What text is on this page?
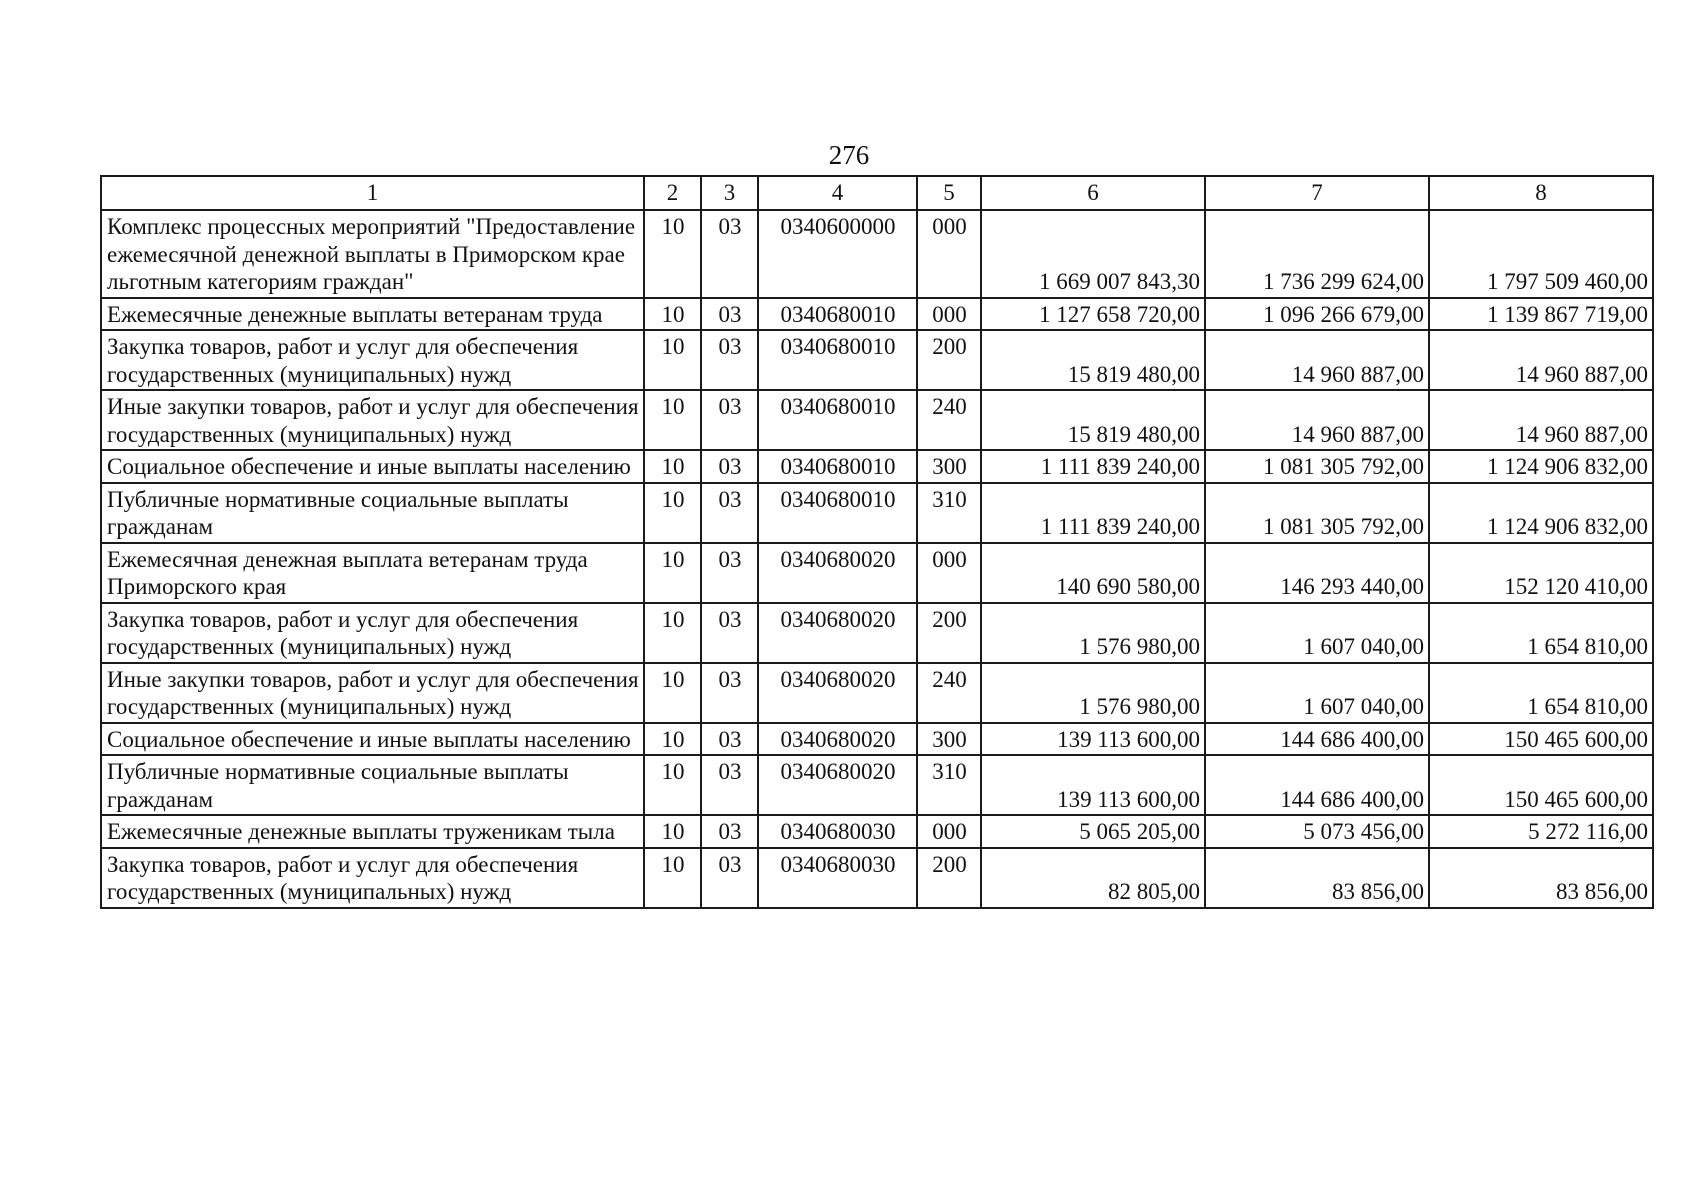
276
1	2	3	4	5	6	7	8
Комплекс процессных мероприятий "Предоставление ежемесячной денежной выплаты в Приморском крае льготным категориям граждан"	10	03	0340600000	000	1 669 007 843,30	1 736 299 624,00	1 797 509 460,00
Ежемесячные денежные выплаты ветеранам труда	10	03	0340680010	000	1 127 658 720,00	1 096 266 679,00	1 139 867 719,00
Закупка товаров, работ и услуг для обеспечения государственных (муниципальных) нужд	10	03	0340680010	200	15 819 480,00	14 960 887,00	14 960 887,00
Иные закупки товаров, работ и услуг для обеспечения государственных (муниципальных) нужд	10	03	0340680010	240	15 819 480,00	14 960 887,00	14 960 887,00
Социальное обеспечение и иные выплаты населению	10	03	0340680010	300	1 111 839 240,00	1 081 305 792,00	1 124 906 832,00
Публичные нормативные социальные выплаты гражданам	10	03	0340680010	310	1 111 839 240,00	1 081 305 792,00	1 124 906 832,00
Ежемесячная денежная выплата ветеранам труда Приморского края	10	03	0340680020	000	140 690 580,00	146 293 440,00	152 120 410,00
Закупка товаров, работ и услуг для обеспечения государственных (муниципальных) нужд	10	03	0340680020	200	1 576 980,00	1 607 040,00	1 654 810,00
Иные закупки товаров, работ и услуг для обеспечения государственных (муниципальных) нужд	10	03	0340680020	240	1 576 980,00	1 607 040,00	1 654 810,00
Социальное обеспечение и иные выплаты населению	10	03	0340680020	300	139 113 600,00	144 686 400,00	150 465 600,00
Публичные нормативные социальные выплаты гражданам	10	03	0340680020	310	139 113 600,00	144 686 400,00	150 465 600,00
Ежемесячные денежные выплаты труженикам тыла	10	03	0340680030	000	5 065 205,00	5 073 456,00	5 272 116,00
Закупка товаров, работ и услуг для обеспечения государственных (муниципальных) нужд	10	03	0340680030	200	82 805,00	83 856,00	83 856,00
